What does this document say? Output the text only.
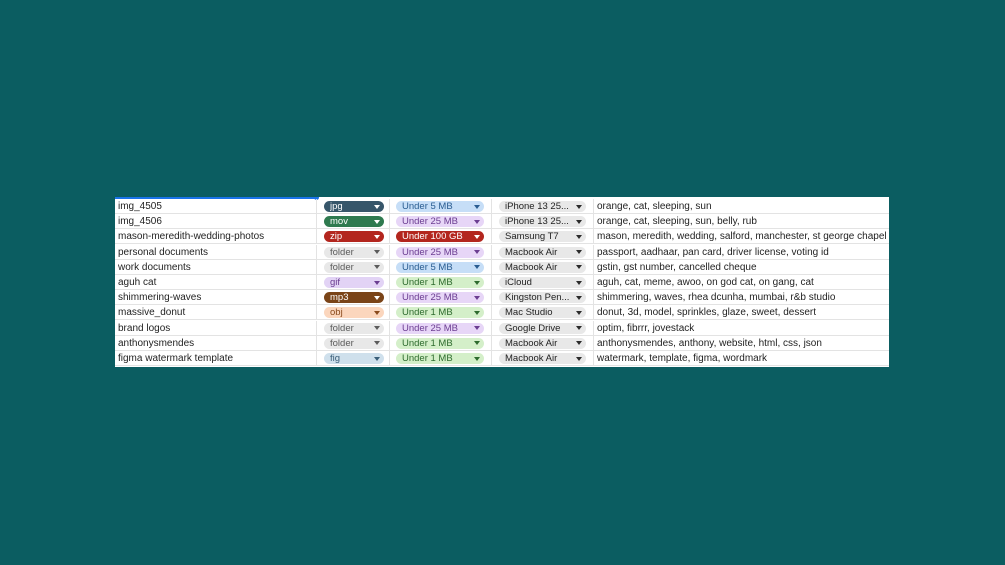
img_4505	jpg	Under 5 MB	iPhone 13 25...	orange, cat, sleeping, sun
img_4506	mov	Under 25 MB	iPhone 13 25...	orange, cat, sleeping, sun, belly, rub
mason-meredith-wedding-photos	zip	Under 100 GB	Samsung T7	mason, meredith, wedding, salford, manchester, st george chapel
personal documents	folder	Under 25 MB	Macbook Air	passport, aadhaar, pan card, driver license, voting id
work documents	folder	Under 5 MB	Macbook Air	gstin, gst number, cancelled cheque
aguh cat	gif	Under 1 MB	iCloud	aguh, cat, meme, awoo, on god cat, on gang, cat
shimmering-waves	mp3	Under 25 MB	Kingston Pen...	shimmering, waves, rhea dcunha, mumbai, r&b studio
massive_donut	obj	Under 1 MB	Mac Studio	donut, 3d, model, sprinkles, glaze, sweet, dessert
brand logos	folder	Under 25 MB	Google Drive	optim, fibrrr, jovestack
anthonysmendes	folder	Under 1 MB	Macbook Air	anthonysmendes, anthony, website, html, css, json
figma watermark template	fig	Under 1 MB	Macbook Air	watermark, template, figma, wordmark
